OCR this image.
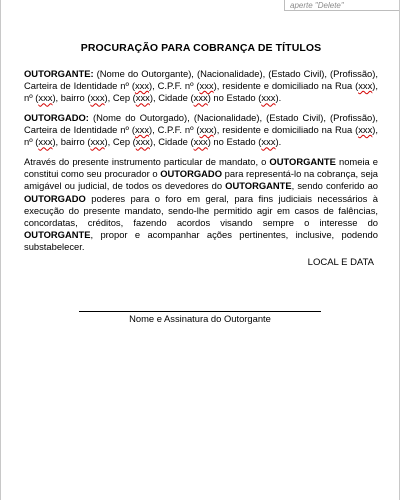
aperte "Delete"
PROCURAÇÃO PARA COBRANÇA DE TÍTULOS
OUTORGANTE: (Nome do Outorgante), (Nacionalidade), (Estado Civil), (Profissão), Carteira de Identidade nº (xxx), C.P.F. nº (xxx), residente e domiciliado na Rua (xxx), nº (xxx), bairro (xxx), Cep (xxx), Cidade (xxx) no Estado (xxx).
OUTORGADO: (Nome do Outorgado), (Nacionalidade), (Estado Civil), (Profissão), Carteira de Identidade nº (xxx), C.P.F. nº (xxx), residente e domiciliado na Rua (xxx), nº (xxx), bairro (xxx), Cep (xxx), Cidade (xxx) no Estado (xxx).
Através do presente instrumento particular de mandato, o OUTORGANTE nomeia e constitui como seu procurador o OUTORGADO para representá-lo na cobrança, seja amigável ou judicial, de todos os devedores do OUTORGANTE, sendo conferido ao OUTORGADO poderes para o foro em geral, para fins judiciais necessários à execução do presente mandato, sendo-lhe permitido agir em casos de falências, concordatas, créditos, fazendo acordos visando sempre o interesse do OUTORGANTE, propor e acompanhar ações pertinentes, inclusive, podendo substabelecer.
LOCAL E DATA
Nome e Assinatura do Outorgante
